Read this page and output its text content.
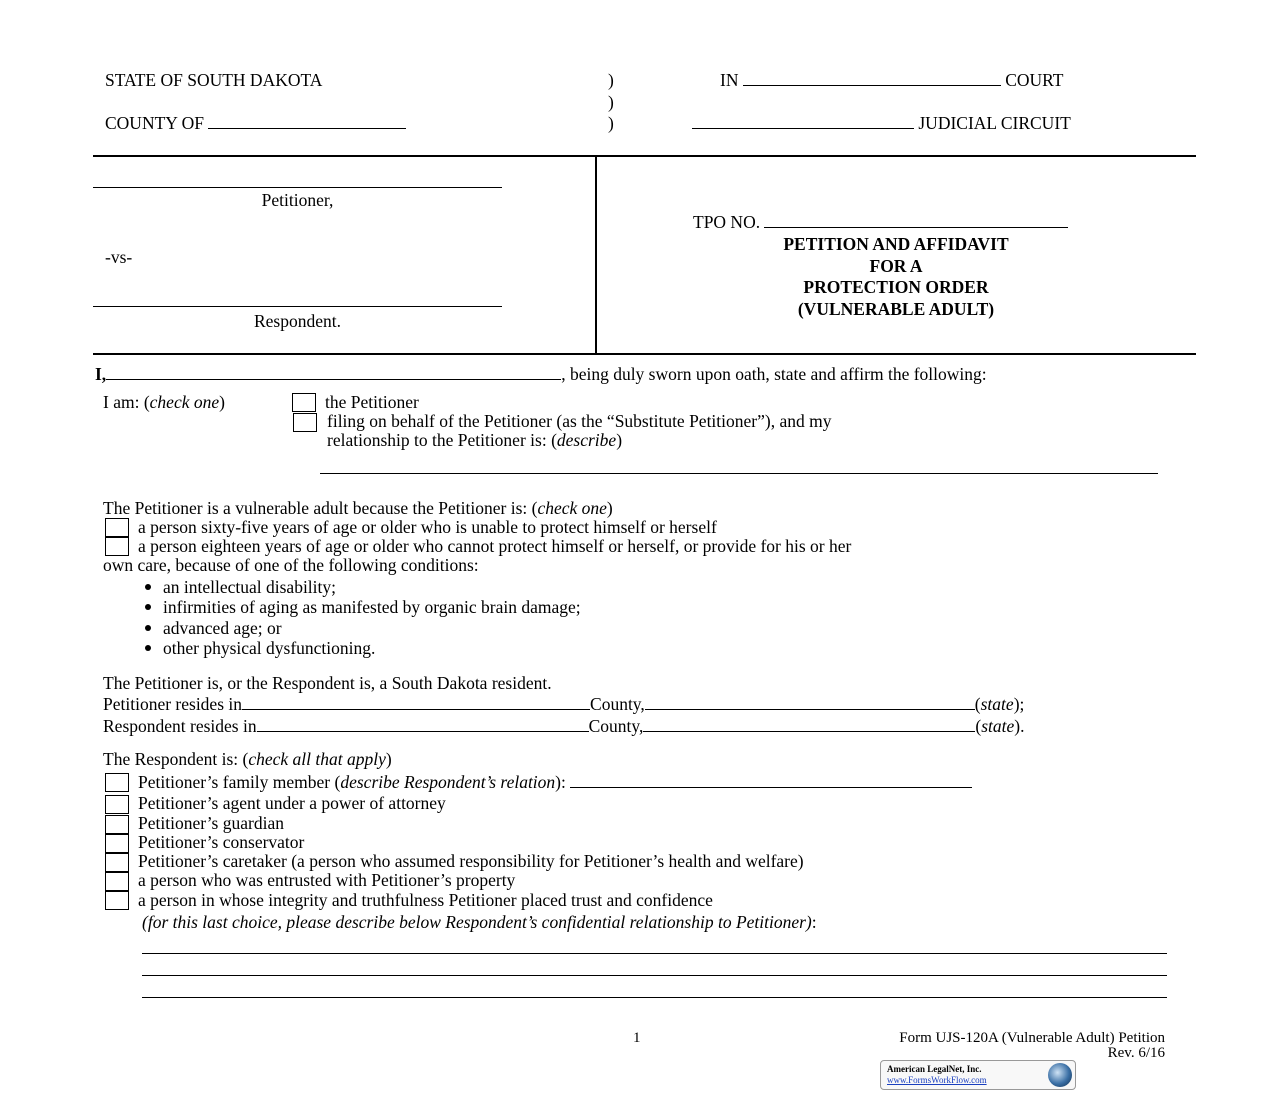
STATE OF SOUTH DAKOTA	)
)
)
IN	COURT
COUNTY OF	JUDICIAL CIRCUIT
Petitioner,
-vs-
Respondent.
TPO NO.
PETITION AND AFFIDAVIT
FOR A
PROTECTION ORDER
(VULNERABLE ADULT)
I,	, being duly sworn upon oath, state and affirm the following:
I am: (check one)	the Petitioner
filing on behalf of the Petitioner (as the “Substitute Petitioner”), and my
relationship to the Petitioner is: (describe)
The Petitioner is a vulnerable adult because the Petitioner is: (check one)
a person sixty-five years of age or older who is unable to protect himself or herself
a person eighteen years of age or older who cannot protect himself or herself, or provide for his or her
own care, because of one of the following conditions:
an intellectual disability;
infirmities of aging as manifested by organic brain damage;
advanced age; or
other physical dysfunctioning.
The Petitioner is, or the Respondent is, a South Dakota resident.
Petitioner resides in	County,	(state);
Respondent resides in	County,	(state).
The Respondent is: (check all that apply)
Petitioner’s family member (describe Respondent’s relation):
Petitioner’s agent under a power of attorney
Petitioner’s guardian
Petitioner’s conservator
Petitioner’s caretaker (a person who assumed responsibility for Petitioner’s health and welfare)
a person who was entrusted with Petitioner’s property
a person in whose integrity and truthfulness Petitioner placed trust and confidence
(for this last choice, please describe below Respondent’s confidential relationship to Petitioner):
1	Form UJS-120A (Vulnerable Adult) Petition
Rev. 6/16
American LegalNet, Inc.
www.FormsWorkFlow.com
